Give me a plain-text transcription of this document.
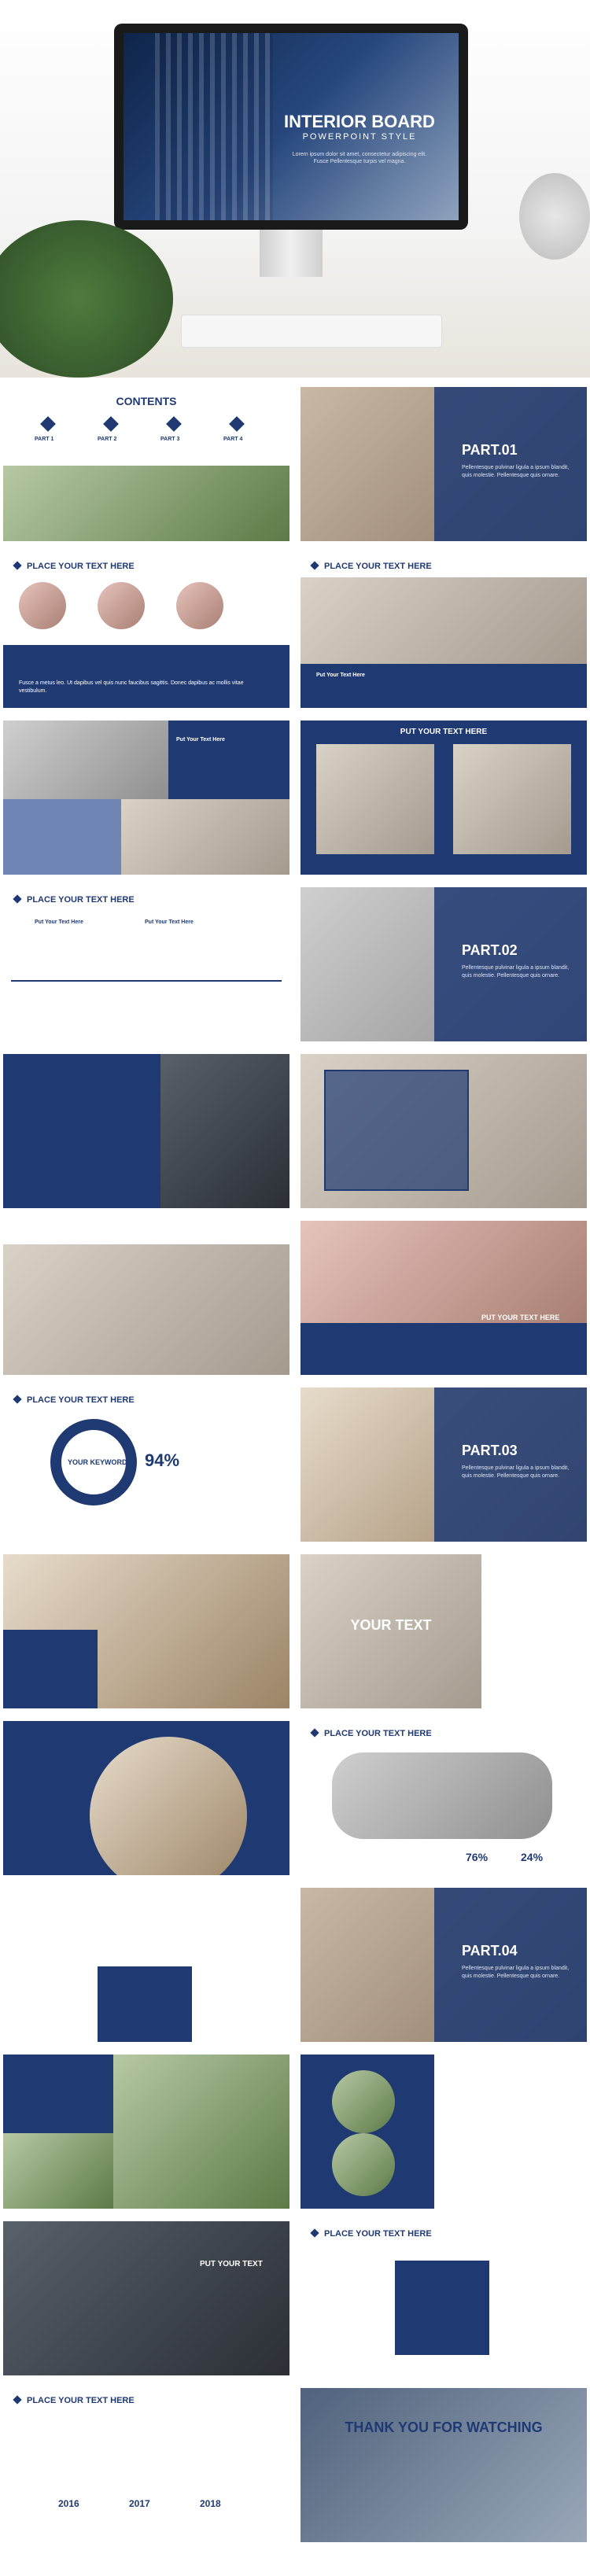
INTERIOR BOARD
POWERPOINT STYLE
Lorem ipsum dolor sit amet, consectetur adipiscing elit. Fusce Pellentesque turpis vel magna.
CONTENTS
PART 1	PART 2	PART 3	PART 4
PART.01
Pellentesque pulvinar ligula a ipsum blandit, quis molestie. Pellentesque quis ornare.
PLACE YOUR TEXT HERE
Fusce a metus leo. Ut dapibus vel quis nunc faucibus sagittis. Donec dapibus ac mollis vitae vestibulum.
PLACE YOUR TEXT HERE
Put Your Text Here
Put Your Text Here
PUT YOUR TEXT HERE
PLACE YOUR TEXT HERE
Put Your Text Here	Put Your Text Here
PART.02
Pellentesque pulvinar ligula a ipsum blandit, quis molestie. Pellentesque quis ornare.
PUT YOUR TEXT HERE
PLACE YOUR TEXT HERE
YOUR KEYWORD 94%	PART.03
Pellentesque pulvinar ligula a ipsum blandit, quis molestie. Pellentesque quis ornare.
YOUR TEXT
PLACE YOUR TEXT HERE
76%	24%
PART.04
Pellentesque pulvinar ligula a ipsum blandit, quis molestie. Pellentesque quis ornare.
PUT YOUR TEXT
PLACE YOUR TEXT HERE
PLACE YOUR TEXT HERE
2016	2017	2018
THANK YOU FOR WATCHING
